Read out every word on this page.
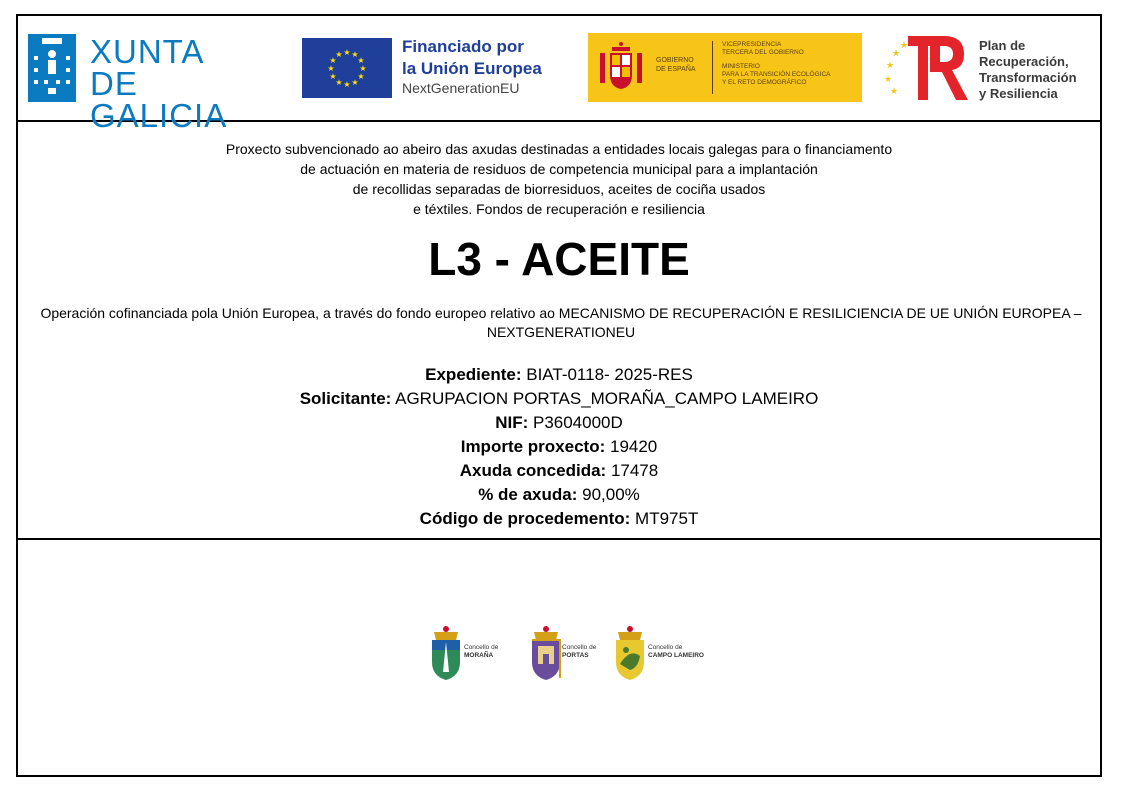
XUNTA
DE GALICIA
★ ★
★
★
★
★
★
★
★
★
★
★	Financiado por
la Unión Europea
NextGenerationEU
GOBIERNO
DE ESPAÑA
VICEPRESIDENCIA
TERCERA DEL GOBIERNO
MINISTERIO
PARA LA TRANSICIÓN ECOLÓGICA
Y EL RETO DEMOGRÁFICO
★
★
★
★
★
Plan de
Recuperación,
Transformación
y Resiliencia
Proxecto subvencionado ao abeiro das axudas destinadas a entidades locais galegas para o financiamento
de actuación en materia de residuos de competencia municipal para a implantación
de recollidas separadas de biorresiduos, aceites de cociña usados
e téxtiles. Fondos de recuperación e resiliencia
L3 - ACEITE
Operación cofinanciada pola Unión Europea, a través do fondo europeo relativo ao MECANISMO DE RECUPERACIÓN E RESILICIENCIA DE UE UNIÓN EUROPEA – NEXTGENERATIONEU
Expediente: BIAT-0118- 2025-RES
Solicitante: AGRUPACION PORTAS_MORAÑA_CAMPO LAMEIRO
NIF: P3604000D
Importe proxecto: 19420
Axuda concedida: 17478
% de axuda: 90,00%
Código de procedemento: MT975T
Concello de
MORAÑA
Concello de
PORTAS
Concello de
CAMPO LAMEIRO
